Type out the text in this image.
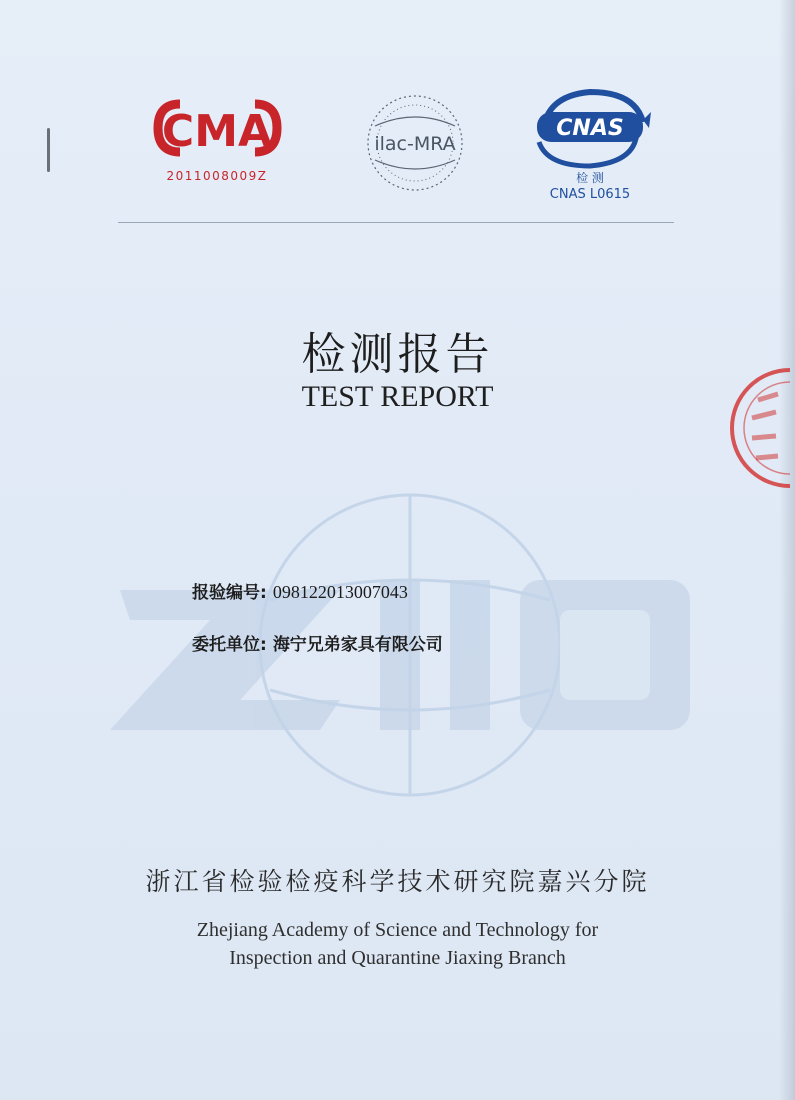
CMA
2011008009Z
ilac-MRA
CNAS
检 测
CNAS L0615
检测报告
TEST REPORT
报验编号: 098122013007043
委托单位: 海宁兄弟家具有限公司
浙江省检验检疫科学技术研究院嘉兴分院
Zhejiang Academy of Science and Technology for
Inspection and Quarantine Jiaxing Branch
